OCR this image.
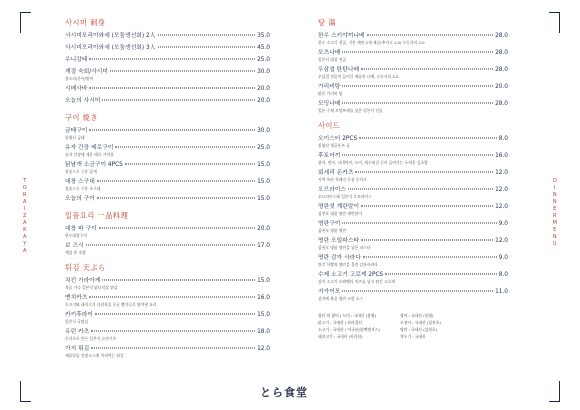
TORA IZAKAYA
DINNER MENU
사시미 刺身
사시미모리아와세 (모둠생선회) 2人	35.0
사시미모리아와세 (모둠생선회) 3人	45.0
우니감태	25.0
계절 숙회/사시미	30.0
참소라/문어/방어
시메사바	20.0
오늘의 사시미	20.0
구이 焼き
금태구이	30.0
통영산 금태
유자 간장 메로구이	25.0
유자 간장에 재운 메로 가마살
닭날개 소금구이 4PCS	15.0
참숯으로 구운 날개
대창 스구대	15.0
참숯으로 구운 초구대
오늘의 구이	15.0
일품요리 一品料理
대창 파 구이	20.0
한우대창구이
보 즈시	17.0
계절 봉 초밥
튀김 天ぷら
치킨 가라아게	15.0
육즙 가득 일본식 닭다리살 튀김
멘치카츠	16.0
소고기와 돼지고기 다짐육을 동글 빵가루로 튀겨낸 요리
카키후라이	15.0
일본식 굴튀김
유린 카츠	18.0
돈카츠로 만든 일본식 유린기츠
가지 튀김	12.0
새콤달콤 간장소스에 적셔먹는 튀김
탕 湯
한우 스키야끼나베	28.0
한우 소고기 전골, 기본 계란 2개 제공(추가시 1.0) 우동사리 2.0
모츠나베	28.0
일본식 대창 전골
우삼겹 탄탄나베	28.0
우삼겹 전골이 들어간 매콤한 나베, 우동사리 2.0
가리비탕	20.0
맑은 가리비 탕
모밍나베	28.0
일본 수제 모밍쯔케를 넣은 일본식 전골
사이드
오이스터 2PCS	8.0
통영산 생굴폰즈 굴
후토마끼	16.0
참치, 연어, 다내마끼, 오이, 새우튀김 등이 들어가는 두꺼운 김초밥
회세리 돈카츠	12.0
지역 특산 흑돼지 등심 돈카츠
오므라이스	12.0
오므라이스와 일본식 오므라이스
명란젓 계란말이	12.0
삼천포 명품 명란 계란말이
명란구이	9.0
삼천포 명품 명란
명란 오일파스타	12.0
삼천포 명품 명란을 넣은 파스타
명란 감자 사라다	9.0
튀긴 식빵과 명란을 올린 감자사라다
수제 소고기 고로케 2PCS	8.0
감자 소고기 모짜렐라 치즈를 넣고 튀긴 고로케
자가이모	11.0
감자에 볶음 명란 크림 소스
참산 차 광어 / 도미 : 국내산 (통영)	장어 : 국내산 (통영)
닭고기 : 국내산 / 브라질산	오징어 : 국내산 (삼천포)
소고기 : 국내산 / 미국산(블랙앵거스)	명란 : 국내산 (삼천포)
돼지고기 : 국내산 (지리산)	적우기 : 국내산
とら食堂
